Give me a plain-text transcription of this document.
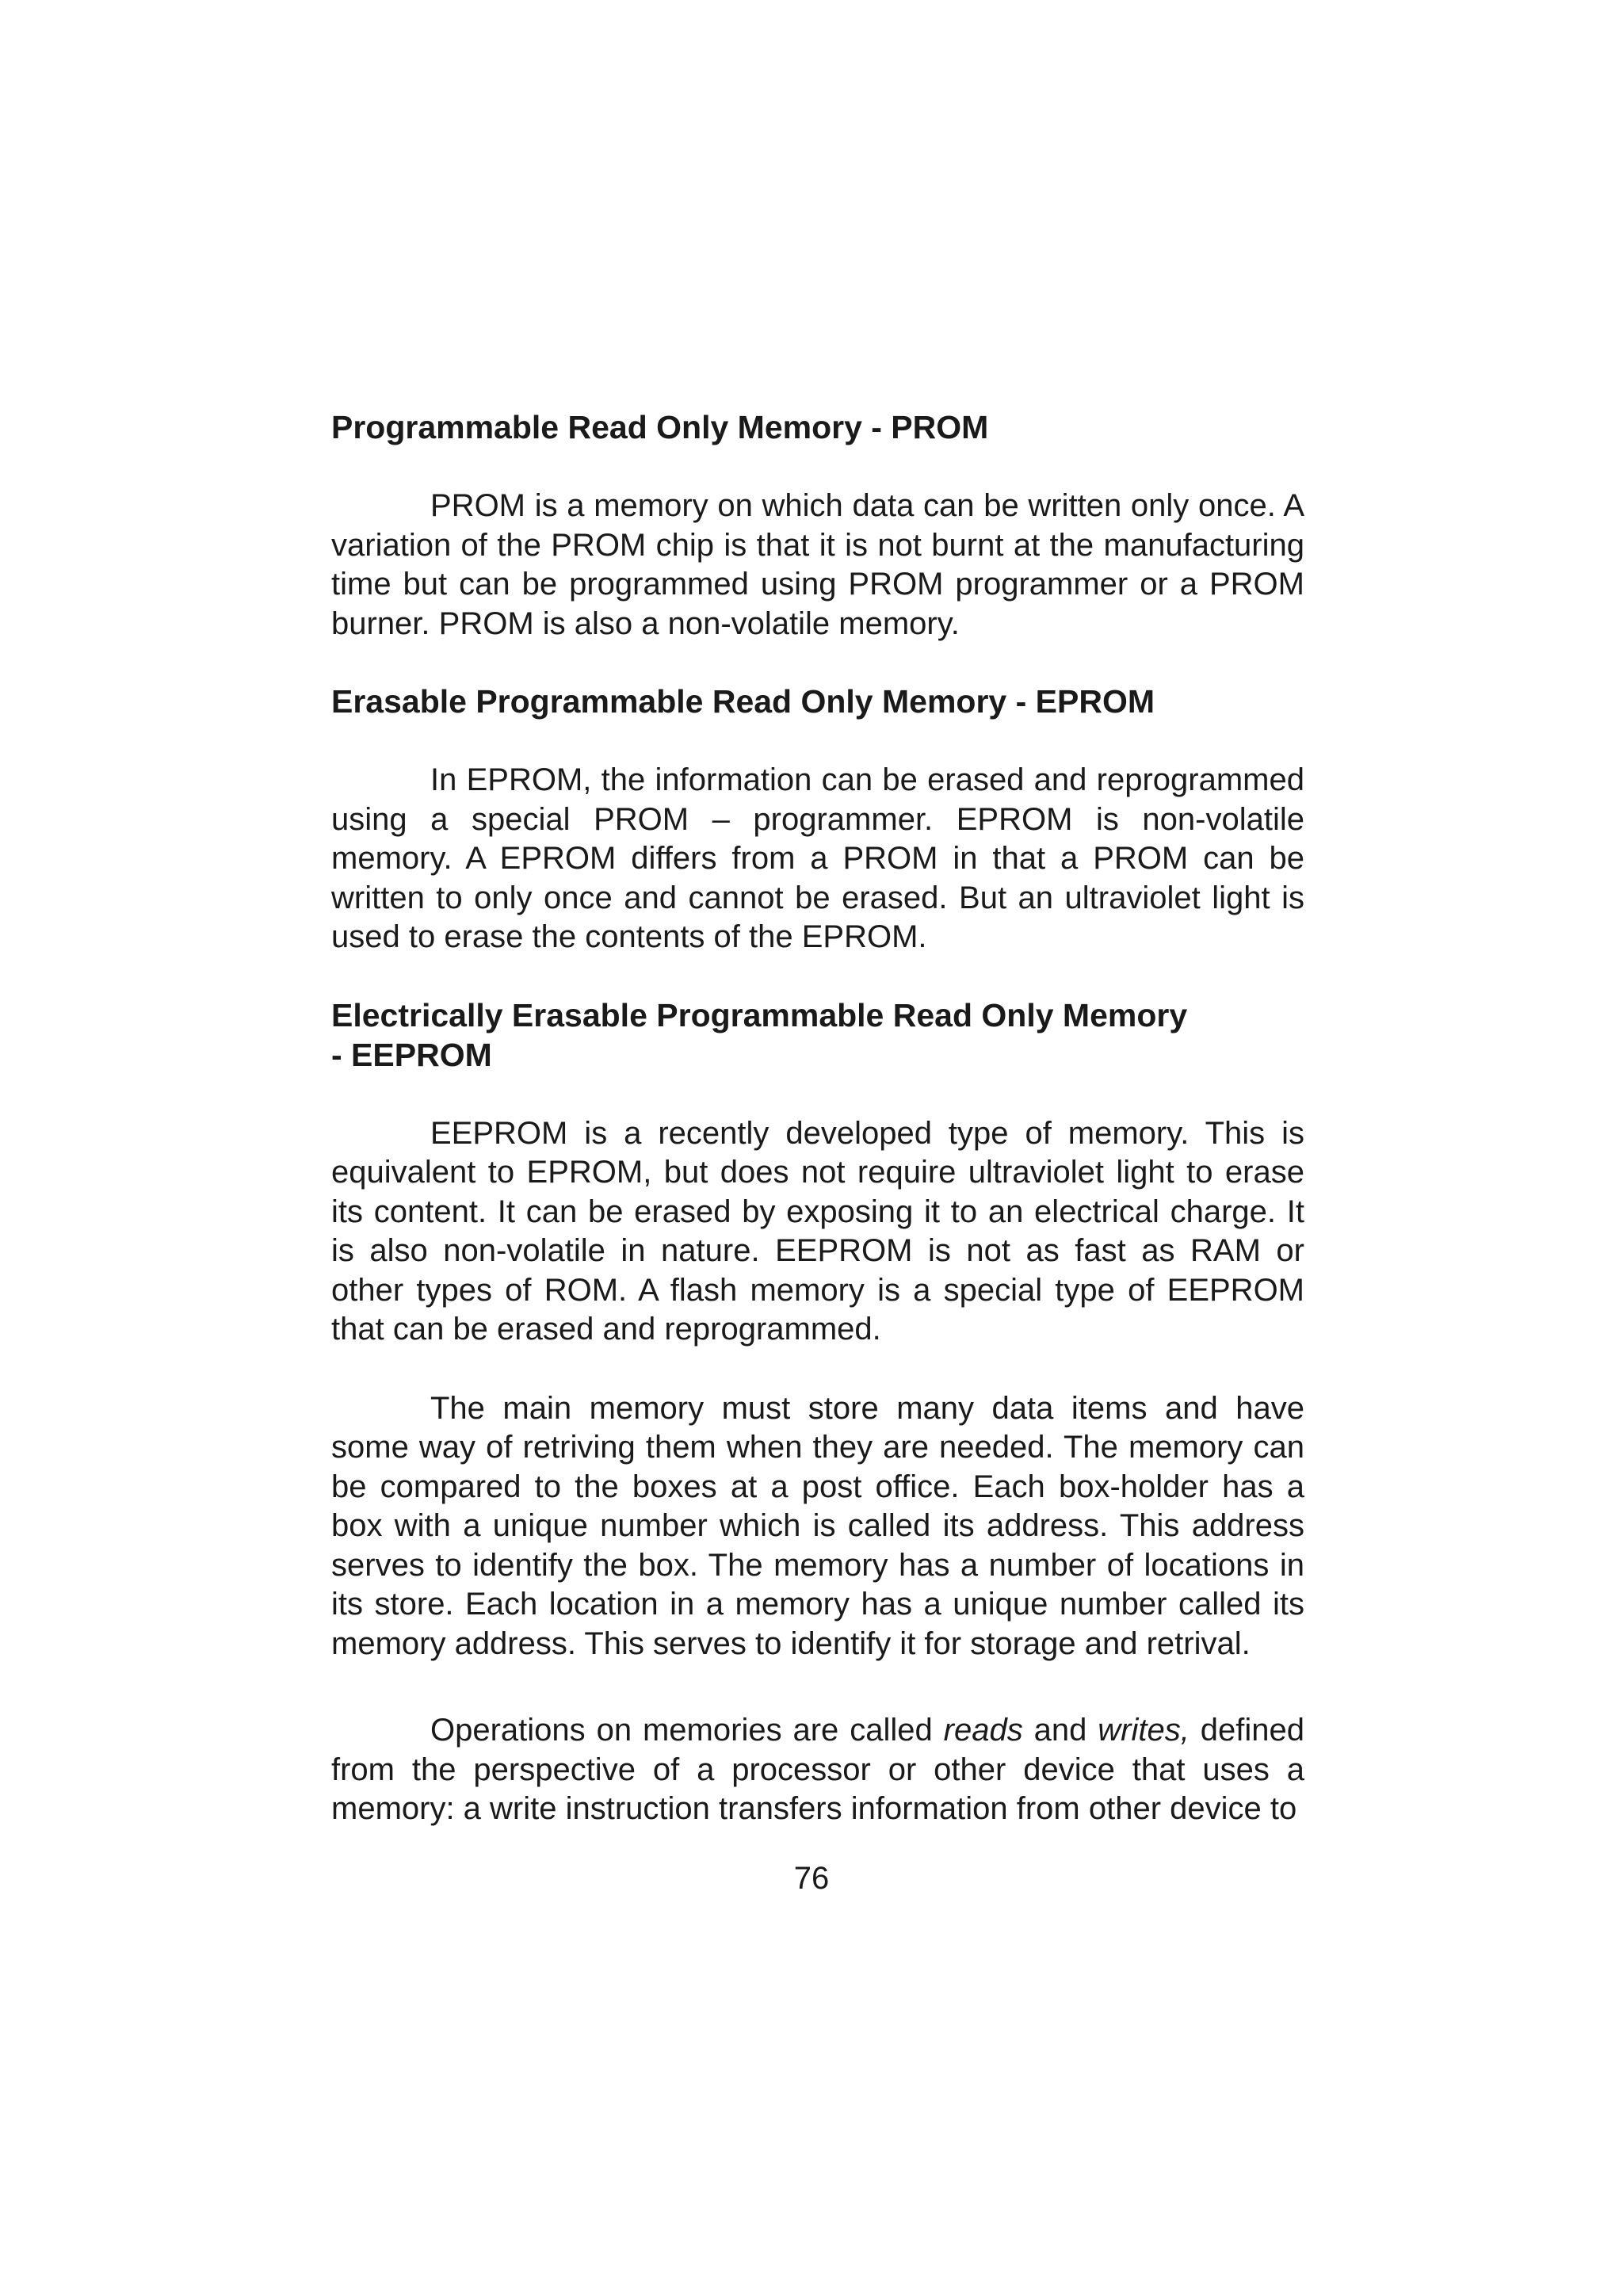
Programmable Read Only Memory - PROM

PROM is a memory on which data can be written only once. A variation of the PROM chip is that it is not burnt at the manufacturing time but can be programmed using PROM programmer or a PROM burner. PROM is also a non-volatile memory.

Erasable Programmable Read Only Memory - EPROM

In EPROM, the information can be erased and reprogrammed using a special PROM – programmer. EPROM is non-volatile memory. A EPROM differs from a PROM in that a PROM can be written to only once and cannot be erased. But an ultraviolet light is used to erase the contents of the EPROM.

Electrically Erasable Programmable Read Only Memory
- EEPROM

EEPROM is a recently developed type of memory. This is equivalent to EPROM, but does not require ultraviolet light to erase its content. It can be erased by exposing it to an electrical charge. It is also non-volatile in nature. EEPROM is not as fast as RAM or other types of ROM. A flash memory is a special type of EEPROM that can be erased and reprogrammed.

The main memory must store many data items and have some way of retriving them when they are needed. The memory can be compared to the boxes at a post office. Each box-holder has a box with a unique number which is called its address. This address serves to identify the box. The memory has a number of locations in its store. Each location in a memory has a unique number called its memory address. This serves to identify it for storage and retrival.

Operations on memories are called reads and writes, defined from the perspective of a processor or other device that uses a memory: a write instruction transfers information from other device to

76
